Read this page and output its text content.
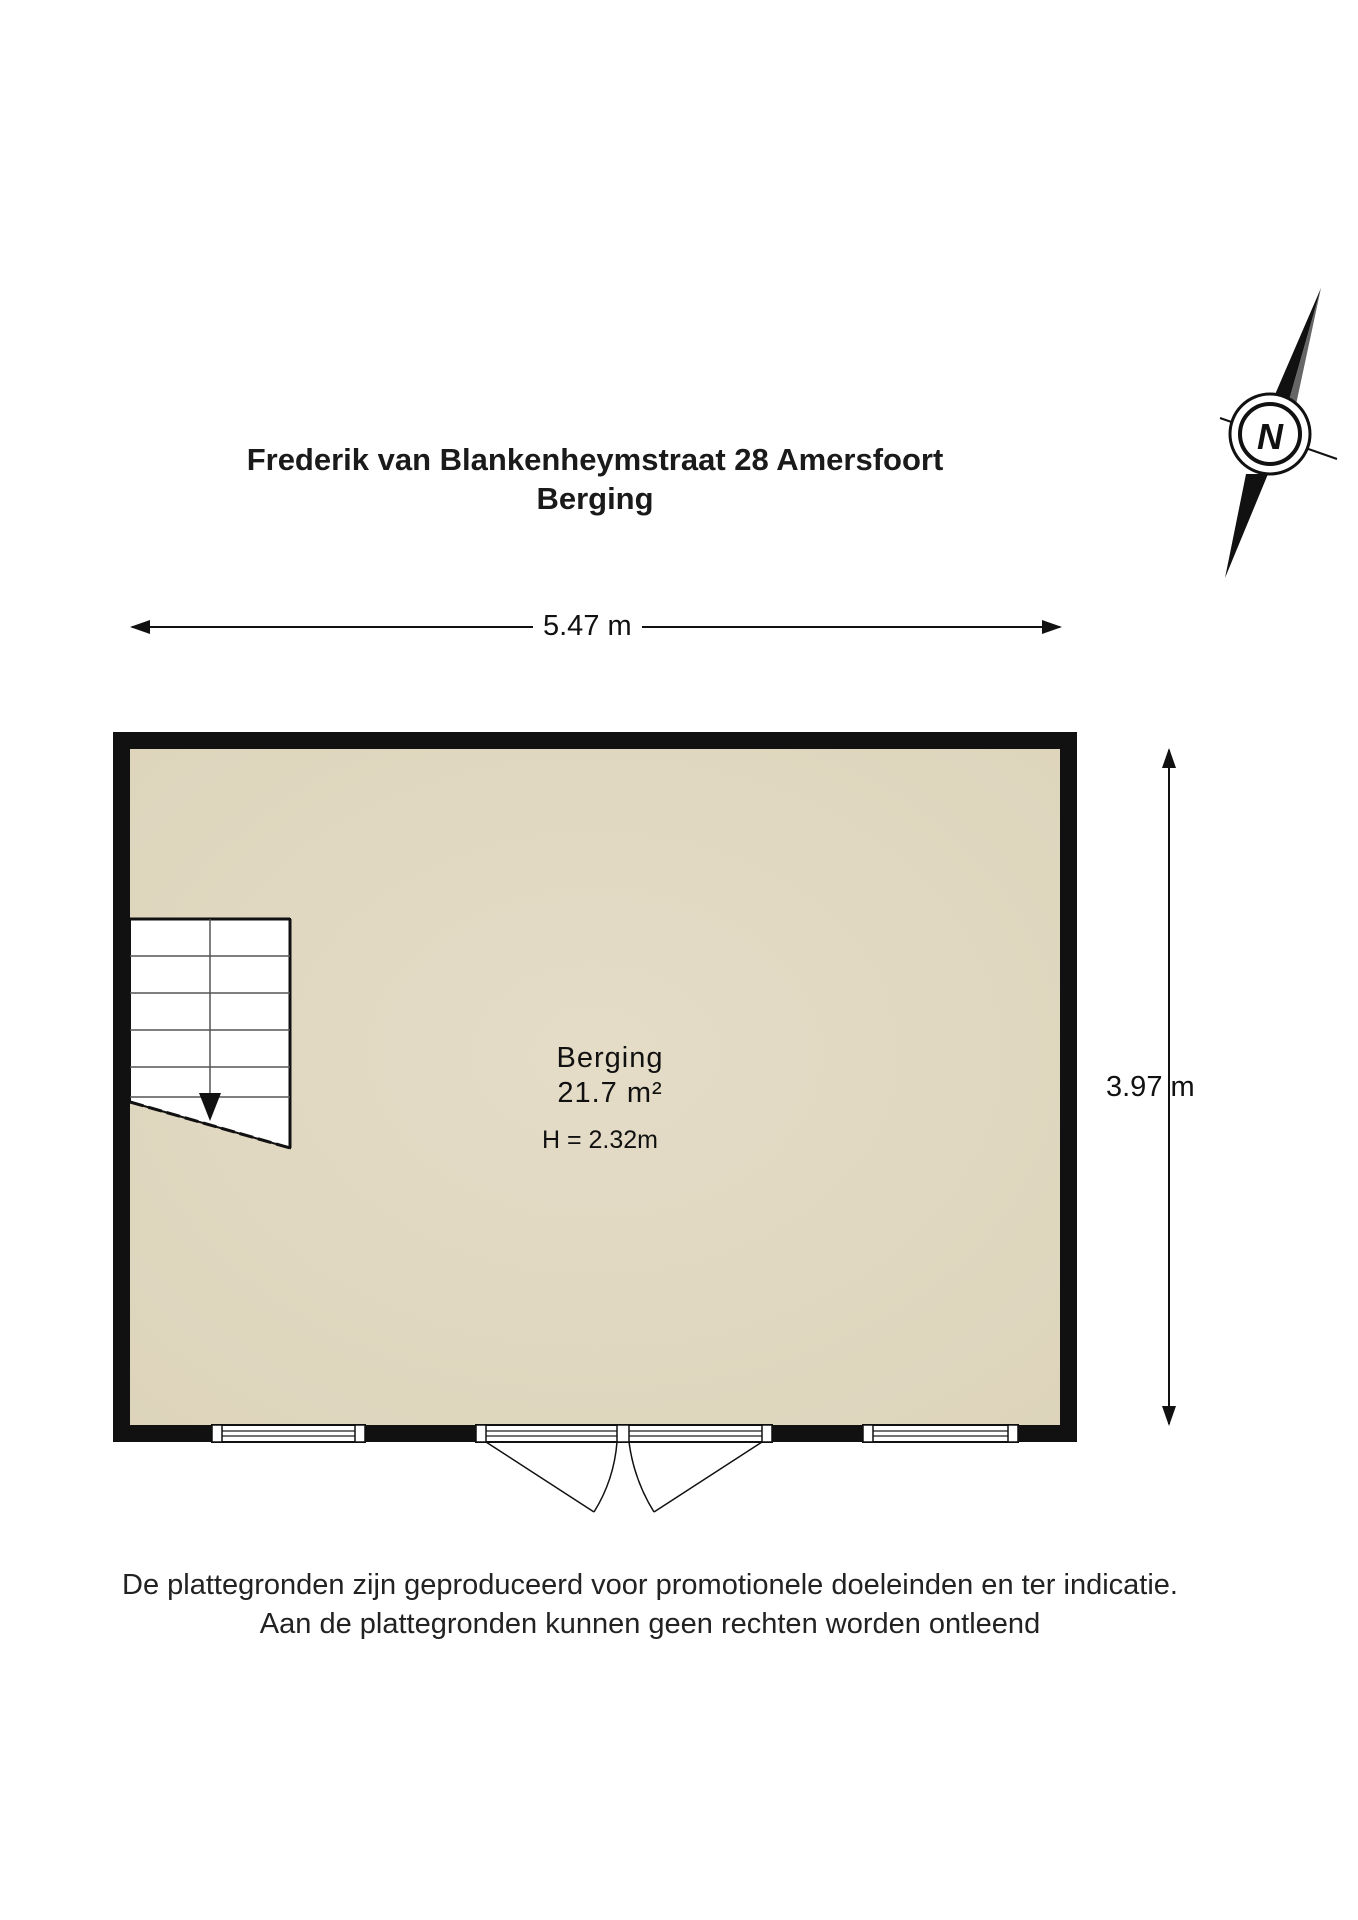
N
Frederik van Blankenheymstraat 28 Amersfoort
Berging
5.47 m
3.97 m
Berging
21.7 m²
H = 2.32m
De plattegronden zijn geproduceerd voor promotionele doeleinden en ter indicatie.
Aan de plattegronden kunnen geen rechten worden ontleend
